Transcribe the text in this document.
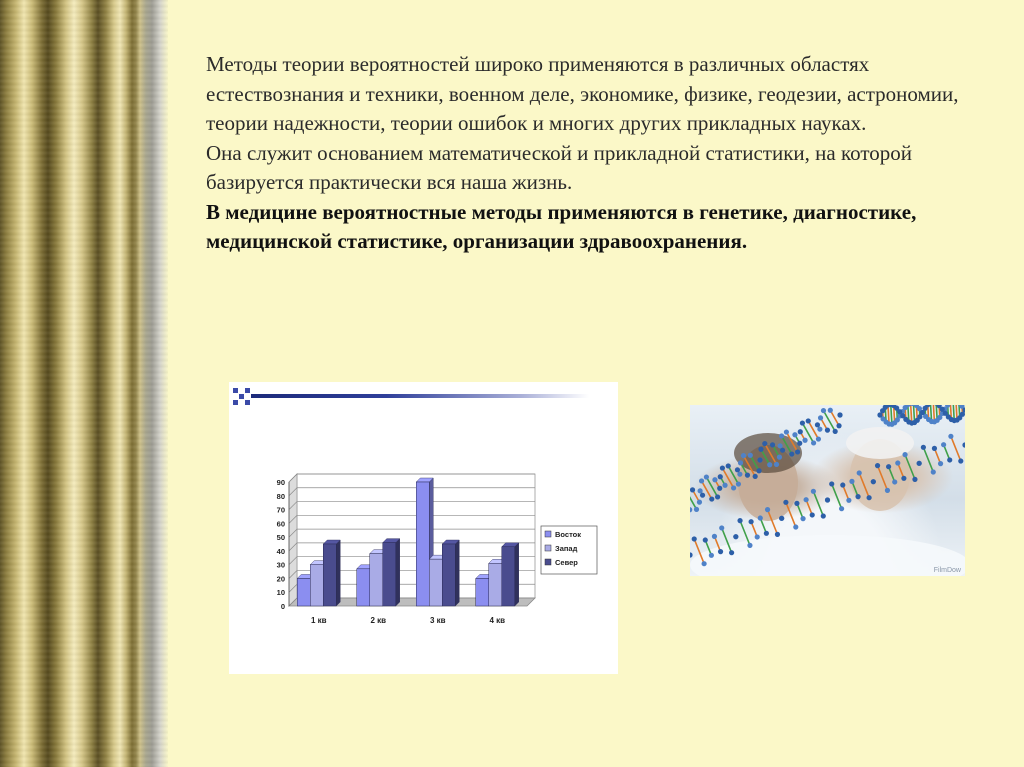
Методы теории вероятностей широко применяются в различных областях естествознания и техники, военном деле, экономике, физике, геодезии, астрономии, теории надежности, теории ошибок и многих других прикладных науках.

Она служит основанием математической и прикладной статистики, на которой базируется практически вся наша жизнь.

В медицине вероятностные методы применяются в генетике, диагностике, медицинской статистике, организации здравоохранения.

0
10
20
30
40
50
60
70
80
90
1 кв	2 кв	3 кв	4 кв
Восток
Запад
Север
FilmDow
